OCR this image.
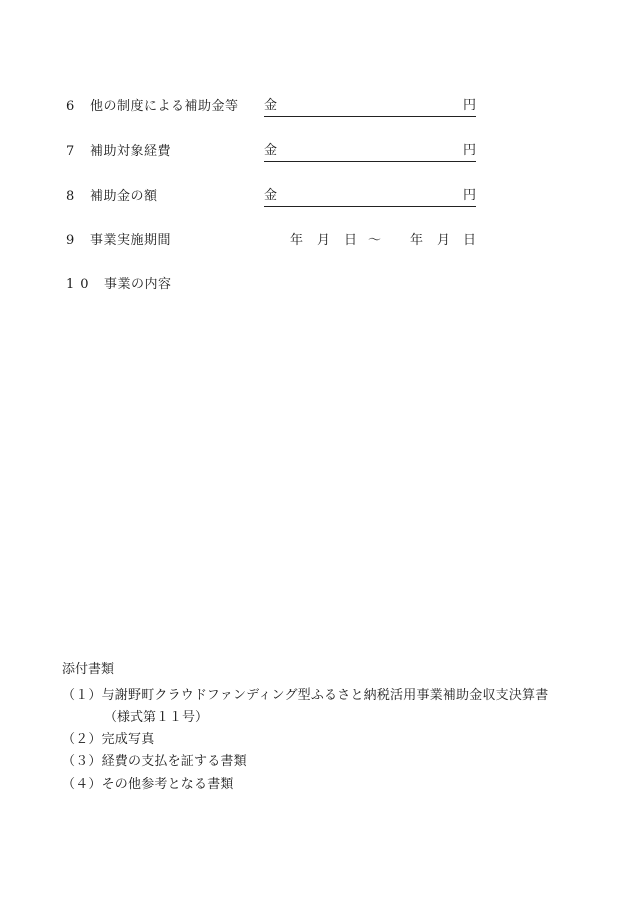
6 他の制度による補助金等 金	円
7 補助対象経費	金	円
8 補助金の額	金	円
9 事業実施期間	年 月 日 ～ 年 月 日
10 事業の内容
添付書類
（１）与謝野町クラウドファンディング型ふるさと納税活用事業補助金収支決算書
（様式第１１号）
（２）完成写真
（３）経費の支払を証する書類
（４）その他参考となる書類
